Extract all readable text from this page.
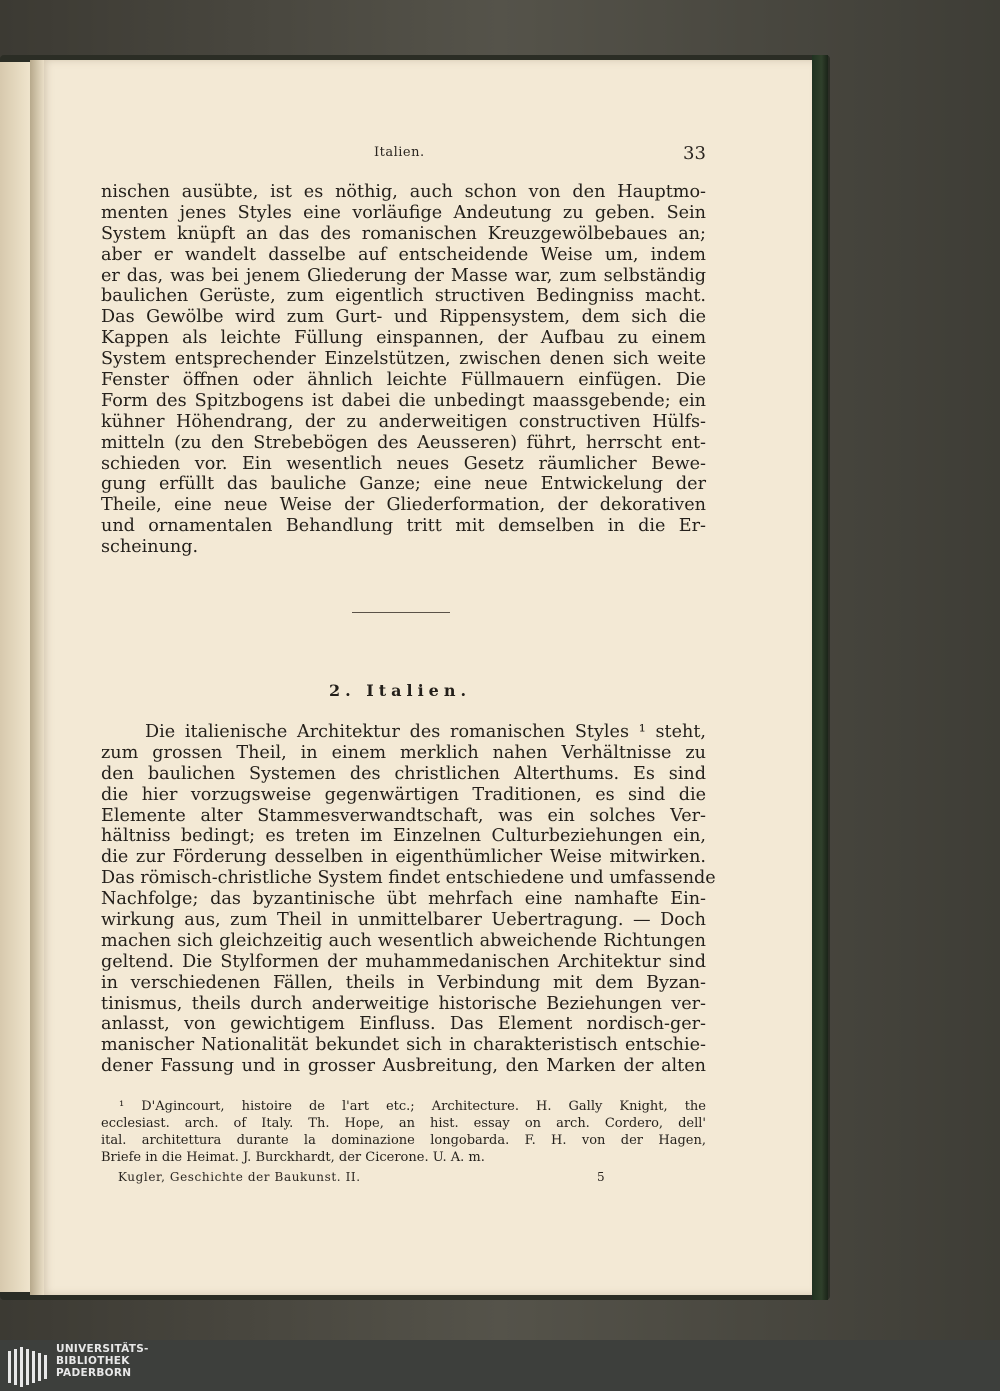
Italien.	33
nischen ausübte, ist es nöthig, auch schon von den Hauptmo-
menten jenes Styles eine vorläufige Andeutung zu geben. Sein
System knüpft an das des romanischen Kreuzgewölbebaues an;
aber er wandelt dasselbe auf entscheidende Weise um, indem
er das, was bei jenem Gliederung der Masse war, zum selbständig
baulichen Gerüste, zum eigentlich structiven Bedingniss macht.
Das Gewölbe wird zum Gurt- und Rippensystem, dem sich die
Kappen als leichte Füllung einspannen, der Aufbau zu einem
System entsprechender Einzelstützen, zwischen denen sich weite
Fenster öffnen oder ähnlich leichte Füllmauern einfügen. Die
Form des Spitzbogens ist dabei die unbedingt maassgebende; ein
kühner Höhendrang, der zu anderweitigen constructiven Hülfs-
mitteln (zu den Strebebögen des Aeusseren) führt, herrscht ent-
schieden vor. Ein wesentlich neues Gesetz räumlicher Bewe-
gung erfüllt das bauliche Ganze; eine neue Entwickelung der
Theile, eine neue Weise der Gliederformation, der dekorativen
und ornamentalen Behandlung tritt mit demselben in die Er-
scheinung.
2. Italien.
Die italienische Architektur des romanischen Styles ¹ steht,
zum grossen Theil, in einem merklich nahen Verhältnisse zu
den baulichen Systemen des christlichen Alterthums. Es sind
die hier vorzugsweise gegenwärtigen Traditionen, es sind die
Elemente alter Stammesverwandtschaft, was ein solches Ver-
hältniss bedingt; es treten im Einzelnen Culturbeziehungen ein,
die zur Förderung desselben in eigenthümlicher Weise mitwirken.
Das römisch-christliche System findet entschiedene und umfassende
Nachfolge; das byzantinische übt mehrfach eine namhafte Ein-
wirkung aus, zum Theil in unmittelbarer Uebertragung. — Doch
machen sich gleichzeitig auch wesentlich abweichende Richtungen
geltend. Die Stylformen der muhammedanischen Architektur sind
in verschiedenen Fällen, theils in Verbindung mit dem Byzan-
tinismus, theils durch anderweitige historische Beziehungen ver-
anlasst, von gewichtigem Einfluss. Das Element nordisch-ger-
manischer Nationalität bekundet sich in charakteristisch entschie-
dener Fassung und in grosser Ausbreitung, den Marken der alten
¹ D'Agincourt, histoire de l'art etc.; Architecture. H. Gally Knight, the
ecclesiast. arch. of Italy. Th. Hope, an hist. essay on arch. Cordero, dell'
ital. architettura durante la dominazione longobarda. F. H. von der Hagen,
Briefe in die Heimat. J. Burckhardt, der Cicerone. U. A. m.
Kugler, Geschichte der Baukunst. II.	5
UNIVERSITÄTS-
BIBLIOTHEK
PADERBORN
